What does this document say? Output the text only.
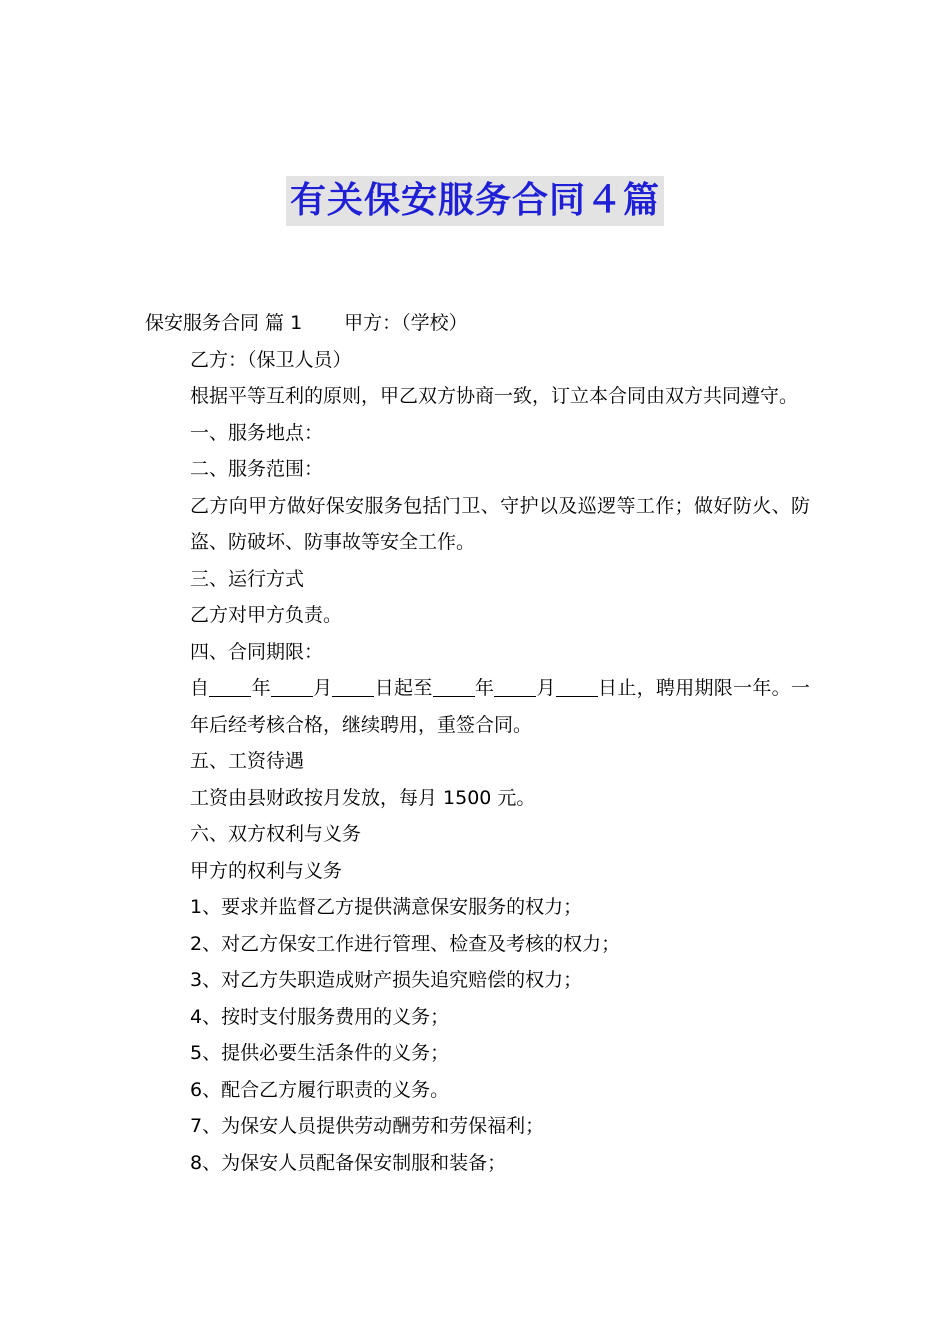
有关保安服务合同４篇

保安服务合同 篇 1 甲方：（学校）

乙方：（保卫人员）

根据平等互利的原则，甲乙双方协商一致，订立本合同由双方共同遵守。

一、服务地点：

二、服务范围：

乙方向甲方做好保安服务包括门卫、守护以及巡逻等工作；做好防火、防盗、防破坏、防事故等安全工作。

三、运行方式

乙方对甲方负责。

四、合同期限：

自 年 月 日起至 年 月 日止，聘用期限一年。一年后经考核合格，继续聘用，重签合同。

五、工资待遇

工资由县财政按月发放，每月 1500 元。

六、双方权利与义务

甲方的权利与义务

1、要求并监督乙方提供满意保安服务的权力；

2、对乙方保安工作进行管理、检查及考核的权力；

3、对乙方失职造成财产损失追究赔偿的权力；

4、按时支付服务费用的义务；

5、提供必要生活条件的义务；

6、配合乙方履行职责的义务。

7、为保安人员提供劳动酬劳和劳保福利；

8、为保安人员配备保安制服和装备；
